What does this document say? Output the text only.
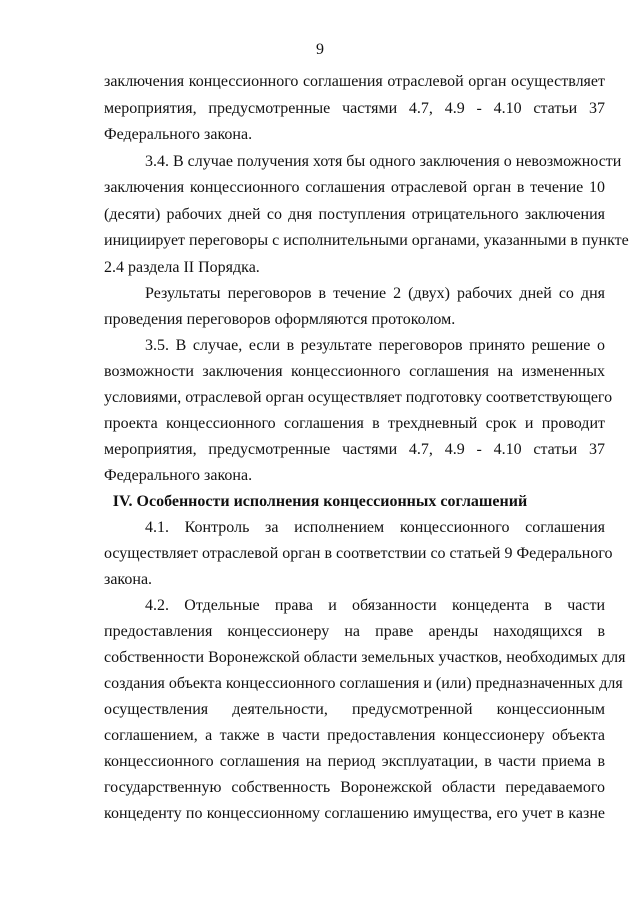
9
заключения концессионного соглашения отраслевой орган осуществляет
мероприятия, предусмотренные частями 4.7, 4.9 - 4.10 статьи 37
Федерального закона.
3.4. В случае получения хотя бы одного заключения о невозможности
заключения концессионного соглашения отраслевой орган в течение 10
(десяти) рабочих дней со дня поступления отрицательного заключения
инициирует переговоры с исполнительными органами, указанными в пункте
2.4 раздела II Порядка.
Результаты переговоров в течение 2 (двух) рабочих дней со дня
проведения переговоров оформляются протоколом.
3.5. В случае, если в результате переговоров принято решение о
возможности заключения концессионного соглашения на измененных
условиями, отраслевой орган осуществляет подготовку соответствующего
проекта концессионного соглашения в трехдневный срок и проводит
мероприятия, предусмотренные частями 4.7, 4.9 - 4.10 статьи 37
Федерального закона.
IV. Особенности исполнения концессионных соглашений
4.1. Контроль за исполнением концессионного соглашения
осуществляет отраслевой орган в соответствии со статьей 9 Федерального
закона.
4.2. Отдельные права и обязанности концедента в части
предоставления концессионеру на праве аренды находящихся в
собственности Воронежской области земельных участков, необходимых для
создания объекта концессионного соглашения и (или) предназначенных для
осуществления деятельности, предусмотренной концессионным
соглашением, а также в части предоставления концессионеру объекта
концессионного соглашения на период эксплуатации, в части приема в
государственную собственность Воронежской области передаваемого
концеденту по концессионному соглашению имущества, его учет в казне
